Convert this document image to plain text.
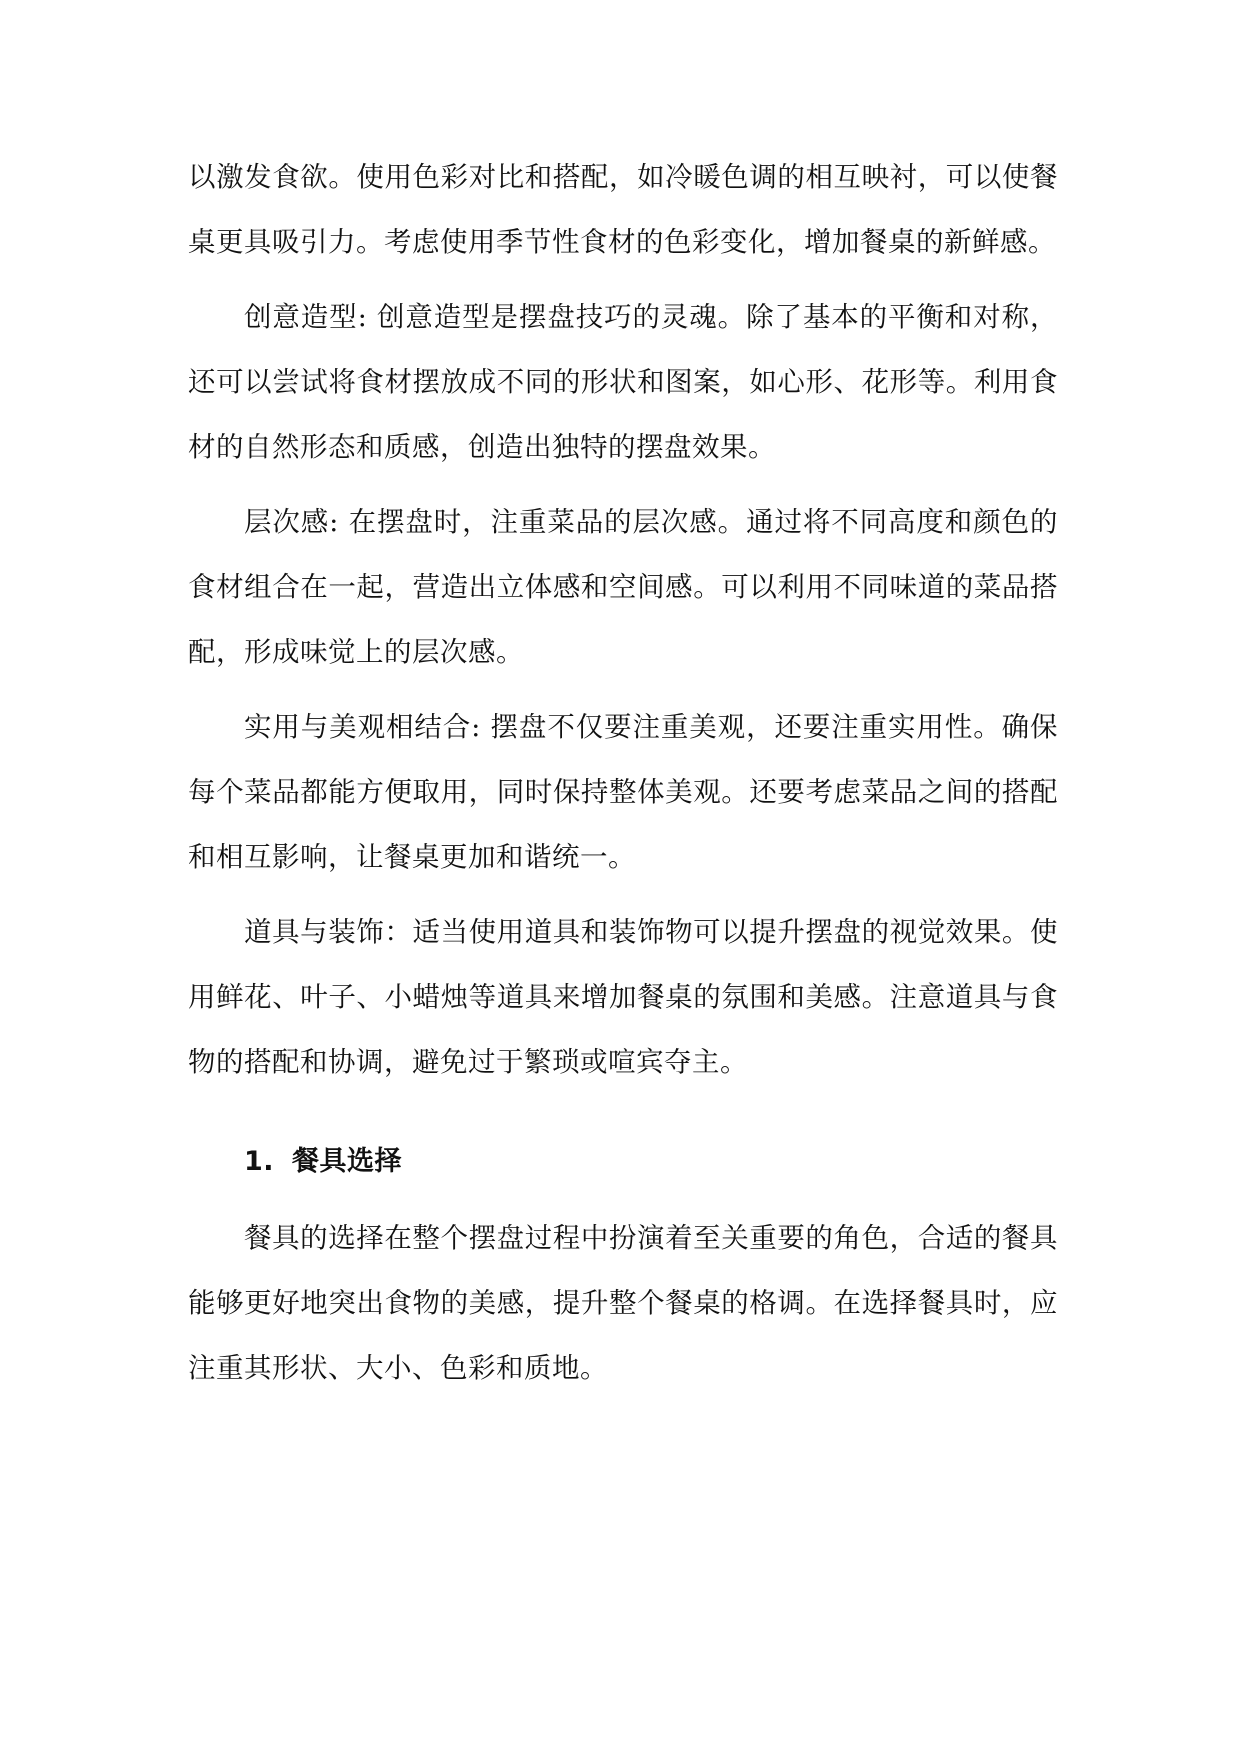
以激发食欲。使用色彩对比和搭配，如冷暖色调的相互映衬，可以使餐桌更具吸引力。考虑使用季节性食材的色彩变化，增加餐桌的新鲜感。

创意造型: 创意造型是摆盘技巧的灵魂。除了基本的平衡和对称，还可以尝试将食材摆放成不同的形状和图案，如心形、花形等。利用食材的自然形态和质感，创造出独特的摆盘效果。

层次感: 在摆盘时，注重菜品的层次感。通过将不同高度和颜色的食材组合在一起，营造出立体感和空间感。可以利用不同味道的菜品搭配，形成味觉上的层次感。

实用与美观相结合: 摆盘不仅要注重美观，还要注重实用性。确保每个菜品都能方便取用，同时保持整体美观。还要考虑菜品之间的搭配和相互影响，让餐桌更加和谐统一。

道具与装饰：适当使用道具和装饰物可以提升摆盘的视觉效果。使用鲜花、叶子、小蜡烛等道具来增加餐桌的氛围和美感。注意道具与食物的搭配和协调，避免过于繁琐或喧宾夺主。

1. 餐具选择

餐具的选择在整个摆盘过程中扮演着至关重要的角色，合适的餐具能够更好地突出食物的美感，提升整个餐桌的格调。在选择餐具时，应注重其形状、大小、色彩和质地。
